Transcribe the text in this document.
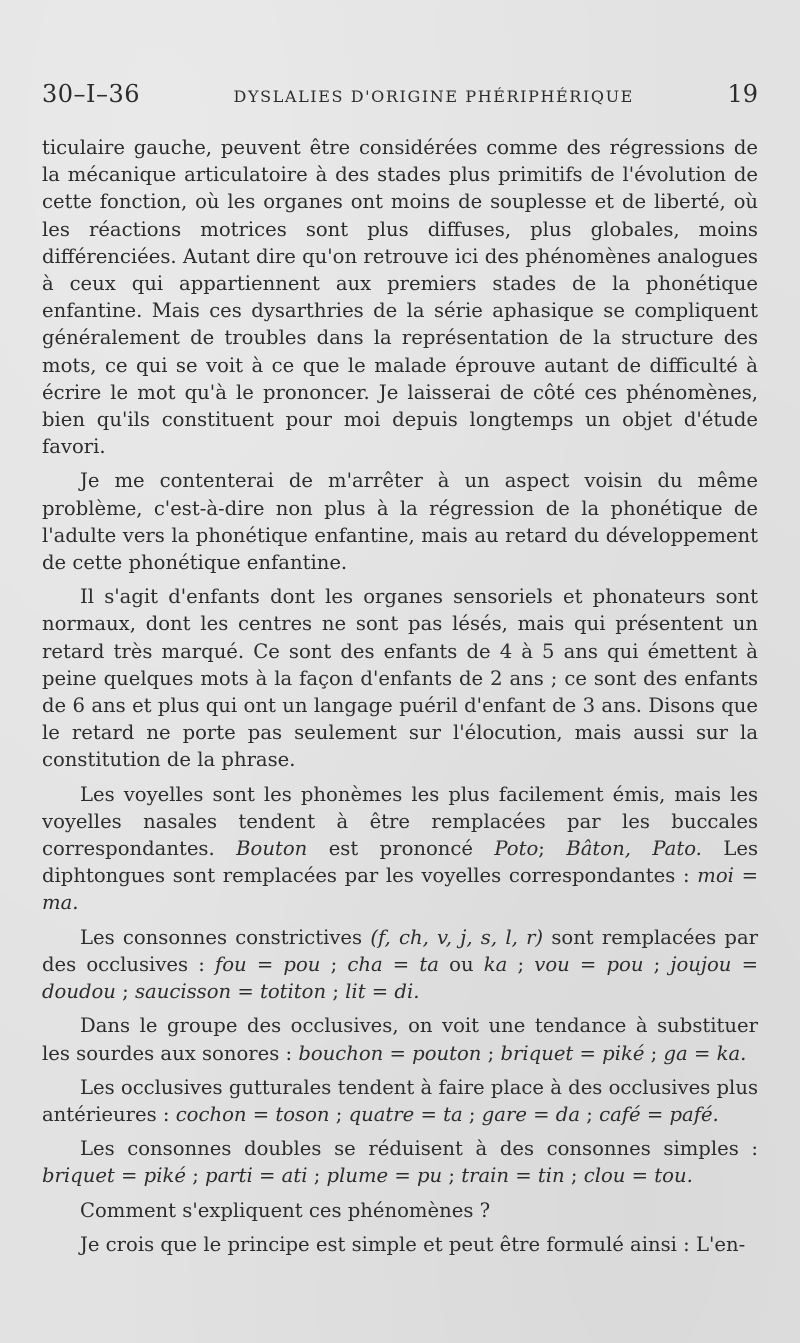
30–I–36	DYSLALIES D'ORIGINE PHÉRIPHÉRIQUE	19

ticulaire gauche, peuvent être considérées comme des régressions de la mécanique articulatoire à des stades plus primitifs de l'évolution de cette fonction, où les organes ont moins de souplesse et de liberté, où les réactions motrices sont plus diffuses, plus globales, moins différenciées. Autant dire qu'on retrouve ici des phénomènes analogues à ceux qui appartiennent aux premiers stades de la phonétique enfantine. Mais ces dysarthries de la série aphasique se compliquent généralement de troubles dans la représentation de la structure des mots, ce qui se voit à ce que le malade éprouve autant de difficulté à écrire le mot qu'à le prononcer. Je laisserai de côté ces phénomènes, bien qu'ils constituent pour moi depuis longtemps un objet d'étude favori.

Je me contenterai de m'arrêter à un aspect voisin du même problème, c'est-à-dire non plus à la régression de la phonétique de l'adulte vers la phonétique enfantine, mais au retard du développement de cette phonétique enfantine.

Il s'agit d'enfants dont les organes sensoriels et phonateurs sont normaux, dont les centres ne sont pas lésés, mais qui présentent un retard très marqué. Ce sont des enfants de 4 à 5 ans qui émettent à peine quelques mots à la façon d'enfants de 2 ans ; ce sont des enfants de 6 ans et plus qui ont un langage puéril d'enfant de 3 ans. Disons que le retard ne porte pas seulement sur l'élocution, mais aussi sur la constitution de la phrase.

Les voyelles sont les phonèmes les plus facilement émis, mais les voyelles nasales tendent à être remplacées par les buccales correspondantes. Bouton est prononcé Poto; Bâton, Pato. Les diphtongues sont remplacées par les voyelles correspondantes : moi = ma.

Les consonnes constrictives (f, ch, v, j, s, l, r) sont remplacées par des occlusives : fou = pou ; cha = ta ou ka ; vou = pou ; joujou = doudou ; saucisson = totiton ; lit = di.

Dans le groupe des occlusives, on voit une tendance à substituer les sourdes aux sonores : bouchon = pouton ; briquet = piké ; ga = ka.

Les occlusives gutturales tendent à faire place à des occlusives plus antérieures : cochon = toson ; quatre = ta ; gare = da ; café = pafé.

Les consonnes doubles se réduisent à des consonnes simples : briquet = piké ; parti = ati ; plume = pu ; train = tin ; clou = tou.

Comment s'expliquent ces phénomènes ?

Je crois que le principe est simple et peut être formulé ainsi : L'en-
